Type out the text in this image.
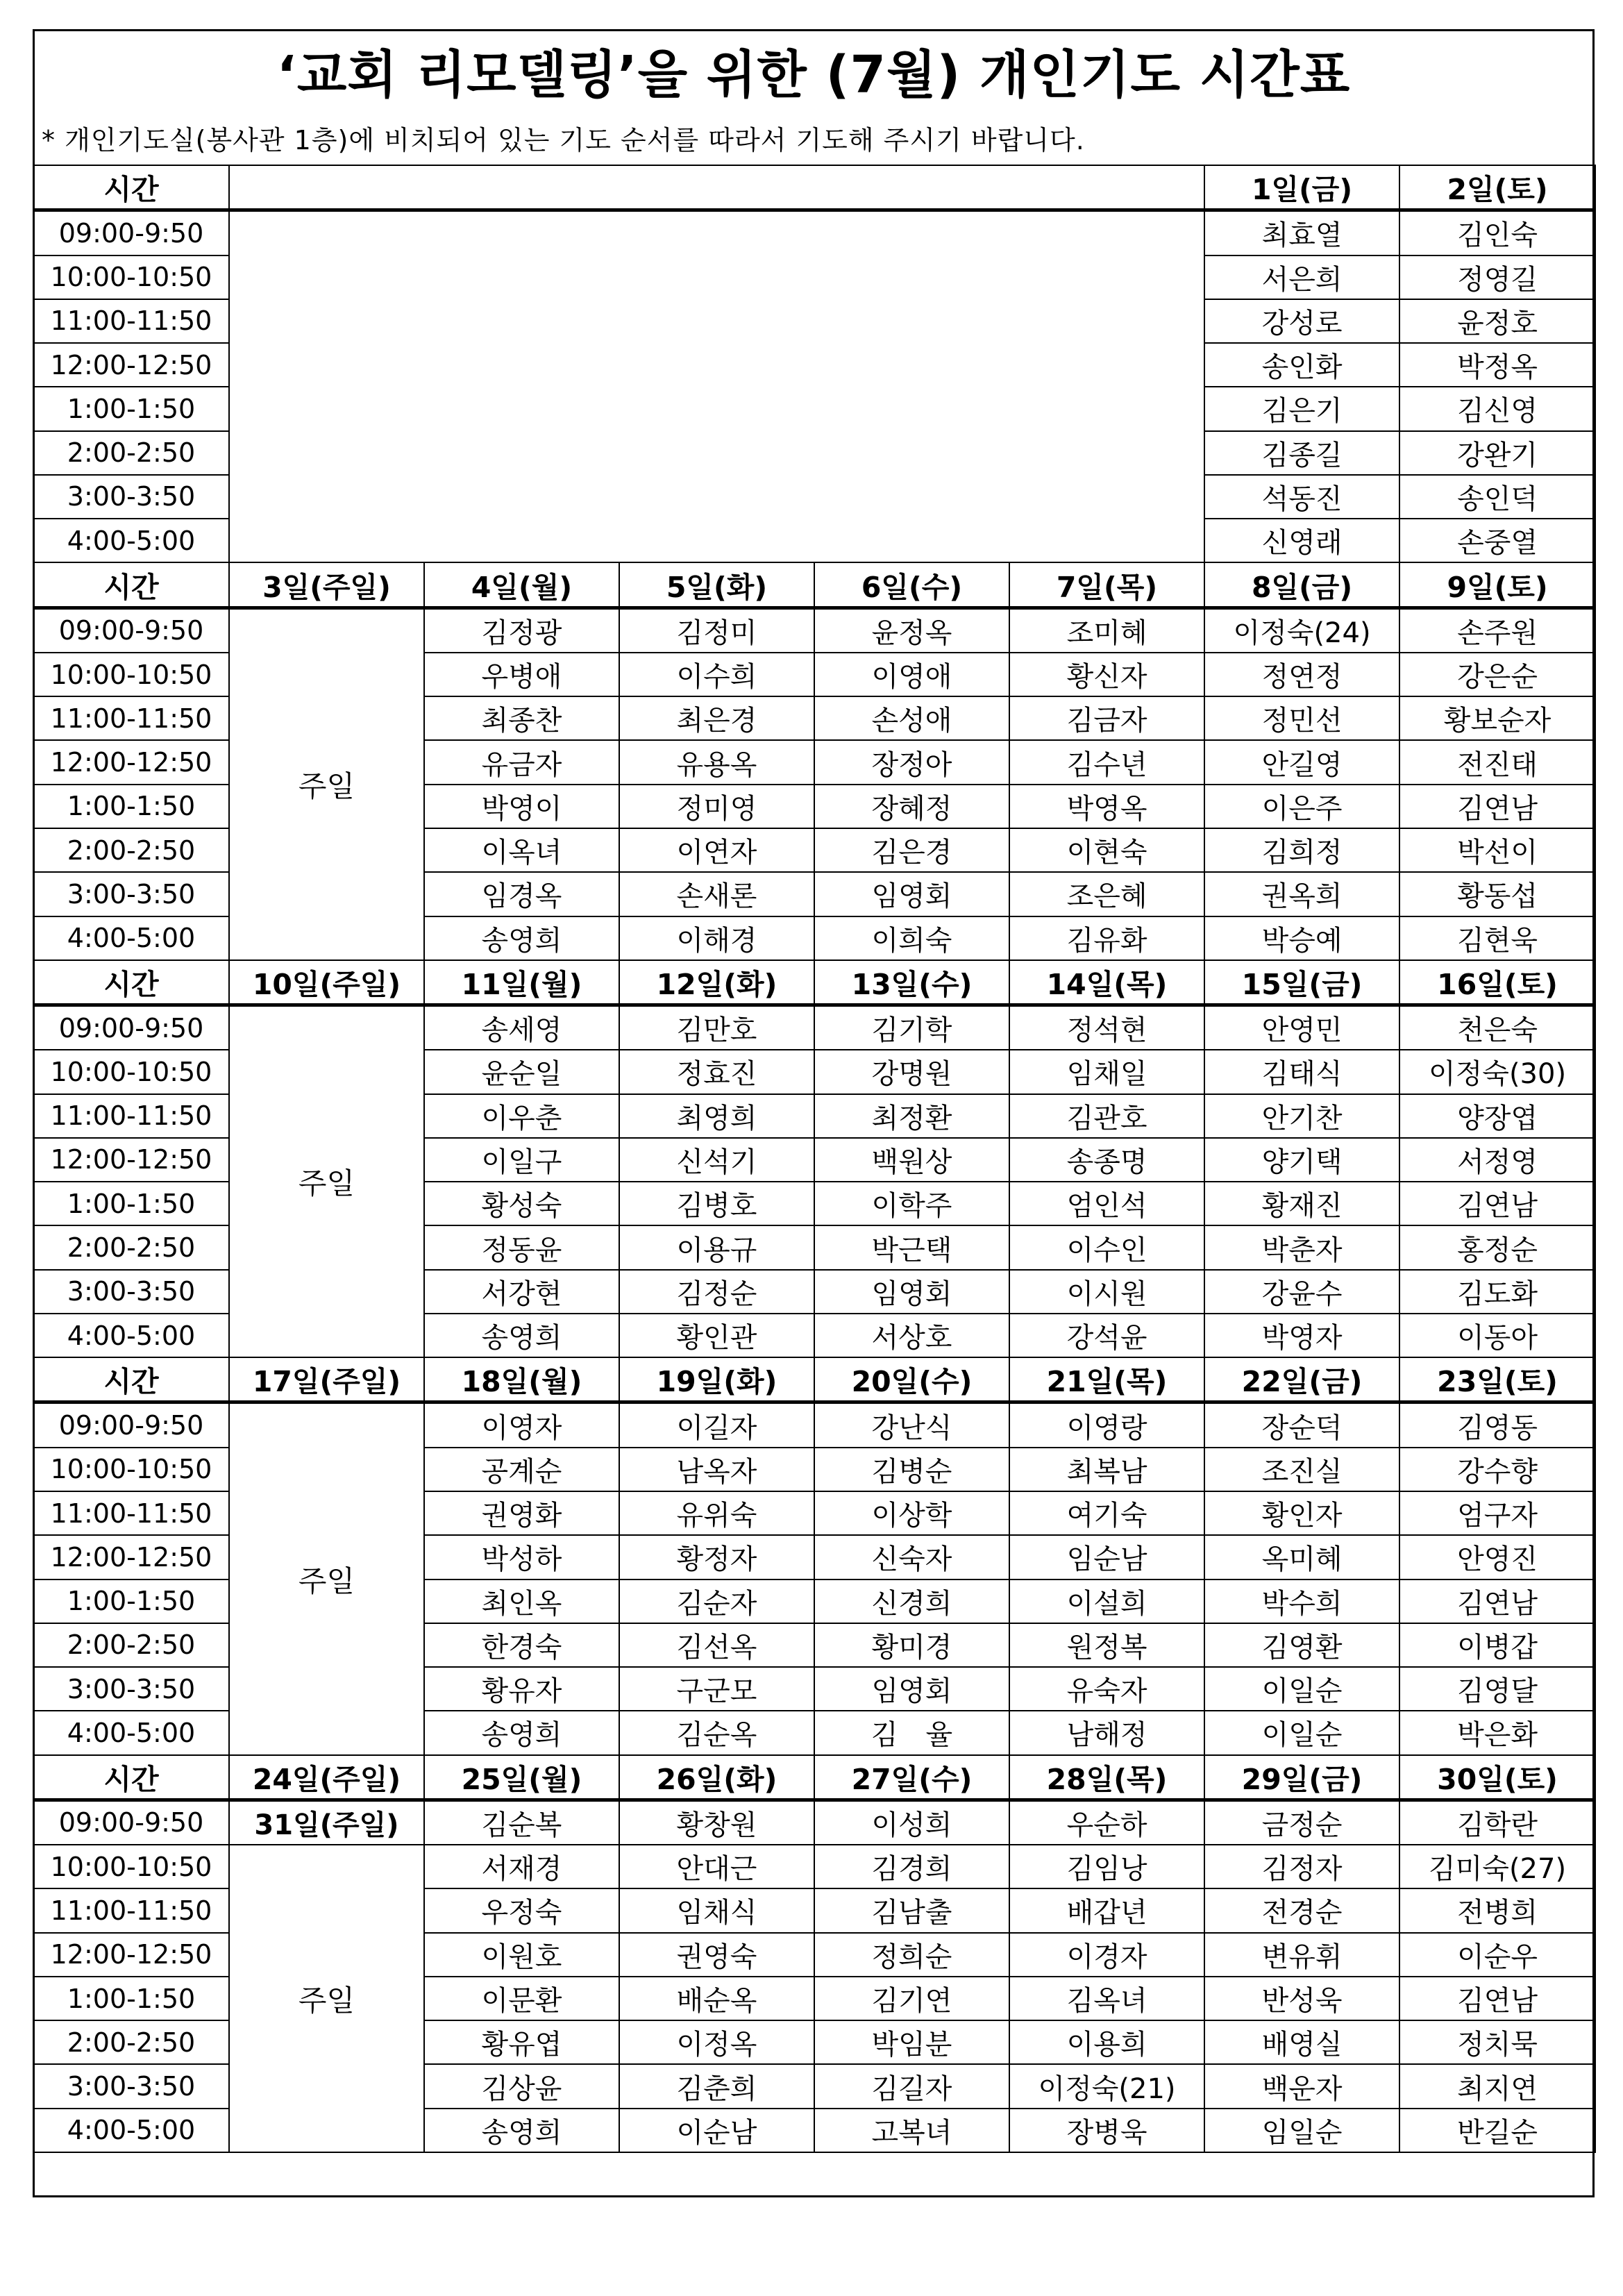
‘교회 리모델링’을 위한 (7월) 개인기도 시간표
* 개인기도실(봉사관 1층)에 비치되어 있는 기도 순서를 따라서 기도해 주시기 바랍니다.
시간						1일(금)	2일(토)
09:00-9:50						최효열	김인숙
10:00-10:50						서은희	정영길
11:00-11:50						강성로	윤정호
12:00-12:50						송인화	박정옥
1:00-1:50						김은기	김신영
2:00-2:50						김종길	강완기
3:00-3:50						석동진	송인덕
4:00-5:00						신영래	손중열
시간	3일(주일)	4일(월)	5일(화)	6일(수)	7일(목)	8일(금)	9일(토)
09:00-9:50	주일	김정광	김정미	윤정옥	조미혜	이정숙(24)	손주원
10:00-10:50		우병애	이수희	이영애	황신자	정연정	강은순
11:00-11:50		최종찬	최은경	손성애	김금자	정민선	황보순자
12:00-12:50		유금자	유용옥	장정아	김수년	안길영	전진태
1:00-1:50		박영이	정미영	장혜정	박영옥	이은주	김연남
2:00-2:50		이옥녀	이연자	김은경	이현숙	김희정	박선이
3:00-3:50		임경옥	손새론	임영회	조은혜	권옥희	황동섭
4:00-5:00		송영희	이해경	이희숙	김유화	박승예	김현욱
시간	10일(주일)	11일(월)	12일(화)	13일(수)	14일(목)	15일(금)	16일(토)
09:00-9:50	주일	송세영	김만호	김기학	정석현	안영민	천은숙
10:00-10:50		윤순일	정효진	강명원	임채일	김태식	이정숙(30)
11:00-11:50		이우춘	최영희	최정환	김관호	안기찬	양장엽
12:00-12:50		이일구	신석기	백원상	송종명	양기택	서정영
1:00-1:50		황성숙	김병호	이학주	엄인석	황재진	김연남
2:00-2:50		정동윤	이용규	박근택	이수인	박춘자	홍정순
3:00-3:50		서강현	김정순	임영회	이시원	강윤수	김도화
4:00-5:00		송영희	황인관	서상호	강석윤	박영자	이동아
시간	17일(주일)	18일(월)	19일(화)	20일(수)	21일(목)	22일(금)	23일(토)
09:00-9:50	주일	이영자	이길자	강난식	이영랑	장순덕	김영동
10:00-10:50		공계순	남옥자	김병순	최복남	조진실	강수향
11:00-11:50		권영화	유위숙	이상학	여기숙	황인자	엄구자
12:00-12:50		박성하	황정자	신숙자	임순남	옥미혜	안영진
1:00-1:50		최인옥	김순자	신경희	이설희	박수희	김연남
2:00-2:50		한경숙	김선옥	황미경	원정복	김영환	이병갑
3:00-3:50		황유자	구군모	임영회	유숙자	이일순	김영달
4:00-5:00		송영희	김순옥	김　율	남해정	이일순	박은화
시간	24일(주일)	25일(월)	26일(화)	27일(수)	28일(목)	29일(금)	30일(토)
09:00-9:50	31일(주일)	김순복	황창원	이성희	우순하	금정순	김학란
10:00-10:50	주일	서재경	안대근	김경희	김임낭	김정자	김미숙(27)
11:00-11:50		우정숙	임채식	김남출	배갑년	전경순	전병희
12:00-12:50		이원호	권영숙	정희순	이경자	변유휘	이순우
1:00-1:50		이문환	배순옥	김기연	김옥녀	반성욱	김연남
2:00-2:50		황유엽	이정옥	박임분	이용희	배영실	정치묵
3:00-3:50		김상윤	김춘희	김길자	이정숙(21)	백운자	최지연
4:00-5:00		송영희	이순남	고복녀	장병욱	임일순	반길순
